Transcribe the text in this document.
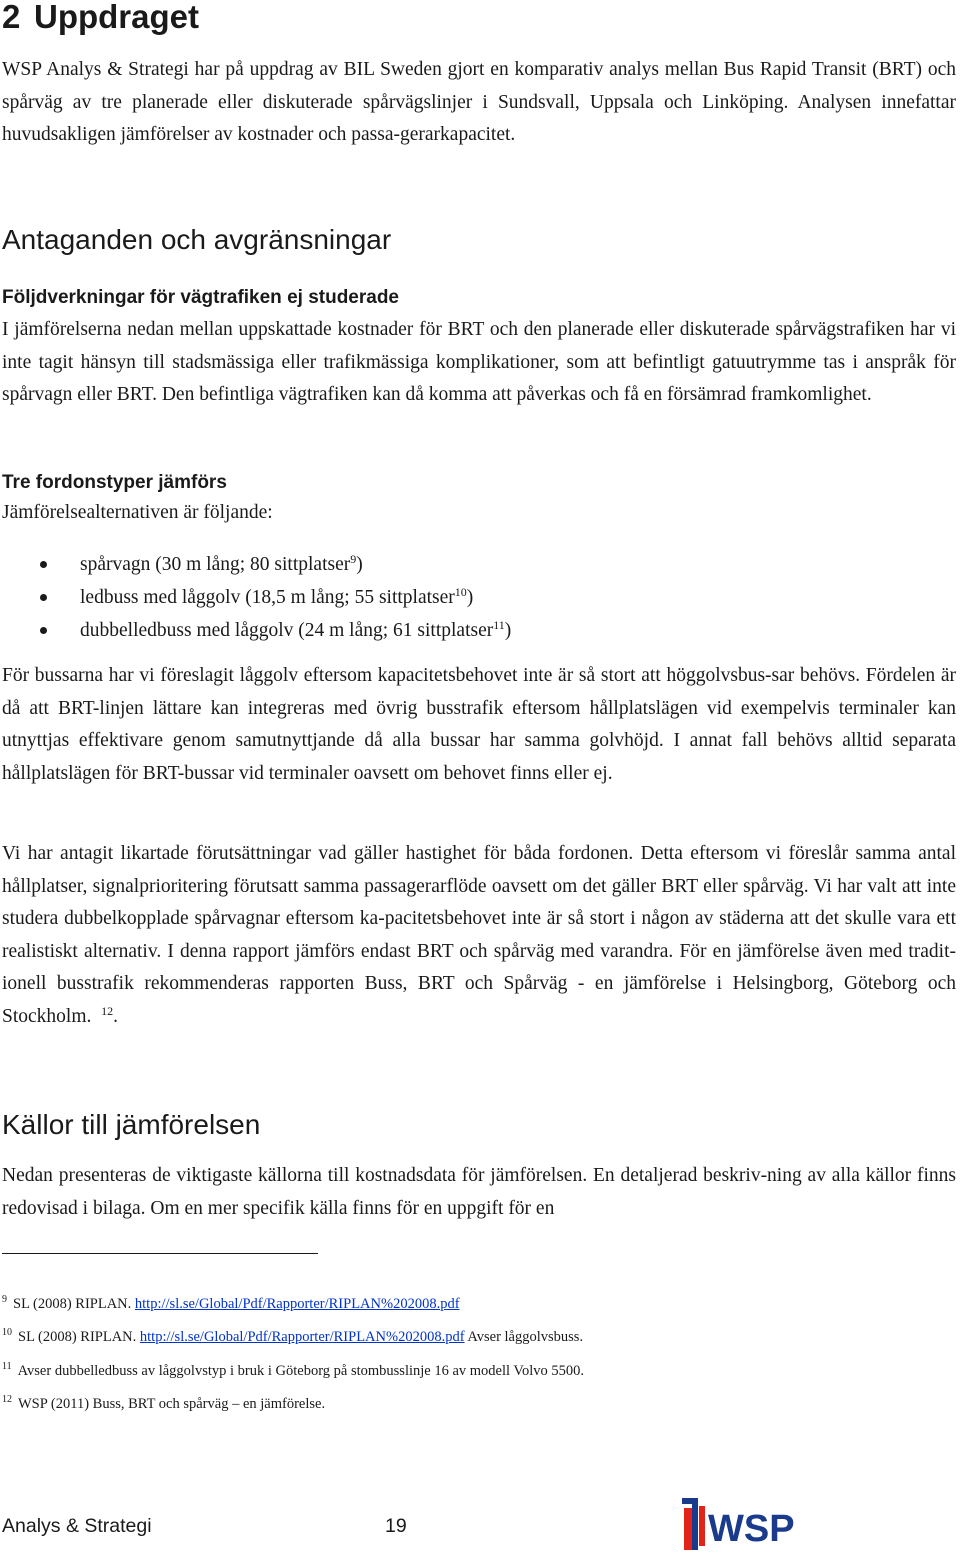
2 Uppdraget

WSP Analys & Strategi har på uppdrag av BIL Sweden gjort en komparativ analys mellan Bus Rapid Transit (BRT) och spårväg av tre planerade eller diskuterade spårvägslinjer i Sundsvall, Uppsala och Linköping. Analysen innefattar huvudsakligen jämförelser av kostnader och passa-gerarkapacitet.

Antaganden och avgränsningar
Följdverkningar för vägtrafiken ej studerade

I jämförelserna nedan mellan uppskattade kostnader för BRT och den planerade eller diskuterade spårvägstrafiken har vi inte tagit hänsyn till stadsmässiga eller trafikmässiga komplikationer, som att befintligt gatuutrymme tas i anspråk för spårvagn eller BRT. Den befintliga vägtrafiken kan då komma att påverkas och få en försämrad framkomlighet.

Tre fordonstyper jämförs

Jämförelsealternativen är följande:

spårvagn (30 m lång; 80 sittplatser$^9$)
ledbuss med låggolv (18,5 m lång; 55 sittplatser$^{10}$)
dubbelledbuss med låggolv (24 m lång; 61 sittplatser$^{11}$)

För bussarna har vi föreslagit låggolv eftersom kapacitetsbehovet inte är så stort att höggolvsbus-sar behövs. Fördelen är då att BRT-linjen lättare kan integreras med övrig busstrafik eftersom hållplatslägen vid exempelvis terminaler kan utnyttjas effektivare genom samutnyttjande då alla bussar har samma golvhöjd. I annat fall behövs alltid separata hållplatslägen för BRT-bussar vid terminaler oavsett om behovet finns eller ej.

Vi har antagit likartade förutsättningar vad gäller hastighet för båda fordonen. Detta eftersom vi föreslår samma antal hållplatser, signalprioritering förutsatt samma passagerarflöde oavsett om det gäller BRT eller spårväg. Vi har valt att inte studera dubbelkopplade spårvagnar eftersom ka-pacitetsbehovet inte är så stort i någon av städerna att det skulle vara ett realistiskt alternativ. I denna rapport jämförs endast BRT och spårväg med varandra. För en jämförelse även med tradit-ionell busstrafik rekommenderas rapporten Buss, BRT och Spårväg - en jämförelse i Helsingborg, Göteborg och Stockholm. $^{12}$.

Källor till jämförelsen

Nedan presenteras de viktigaste källorna till kostnadsdata för jämförelsen. En detaljerad beskriv-ning av alla källor finns redovisad i bilaga. Om en mer specifik källa finns för en uppgift för en

$^9$ SL (2008) RIPLAN. http://sl.se/Global/Pdf/Rapporter/RIPLAN%202008.pdf

$^{10}$ SL (2008) RIPLAN. http://sl.se/Global/Pdf/Rapporter/RIPLAN%202008.pdf Avser låggolvsbuss.

$^{11}$ Avser dubbelledbuss av låggolvstyp i bruk i Göteborg på stombusslinje 16 av modell Volvo 5500.

$^{12}$ WSP (2011) Buss, BRT och spårväg – en jämförelse.

Analys & Strategi	19	WSP
